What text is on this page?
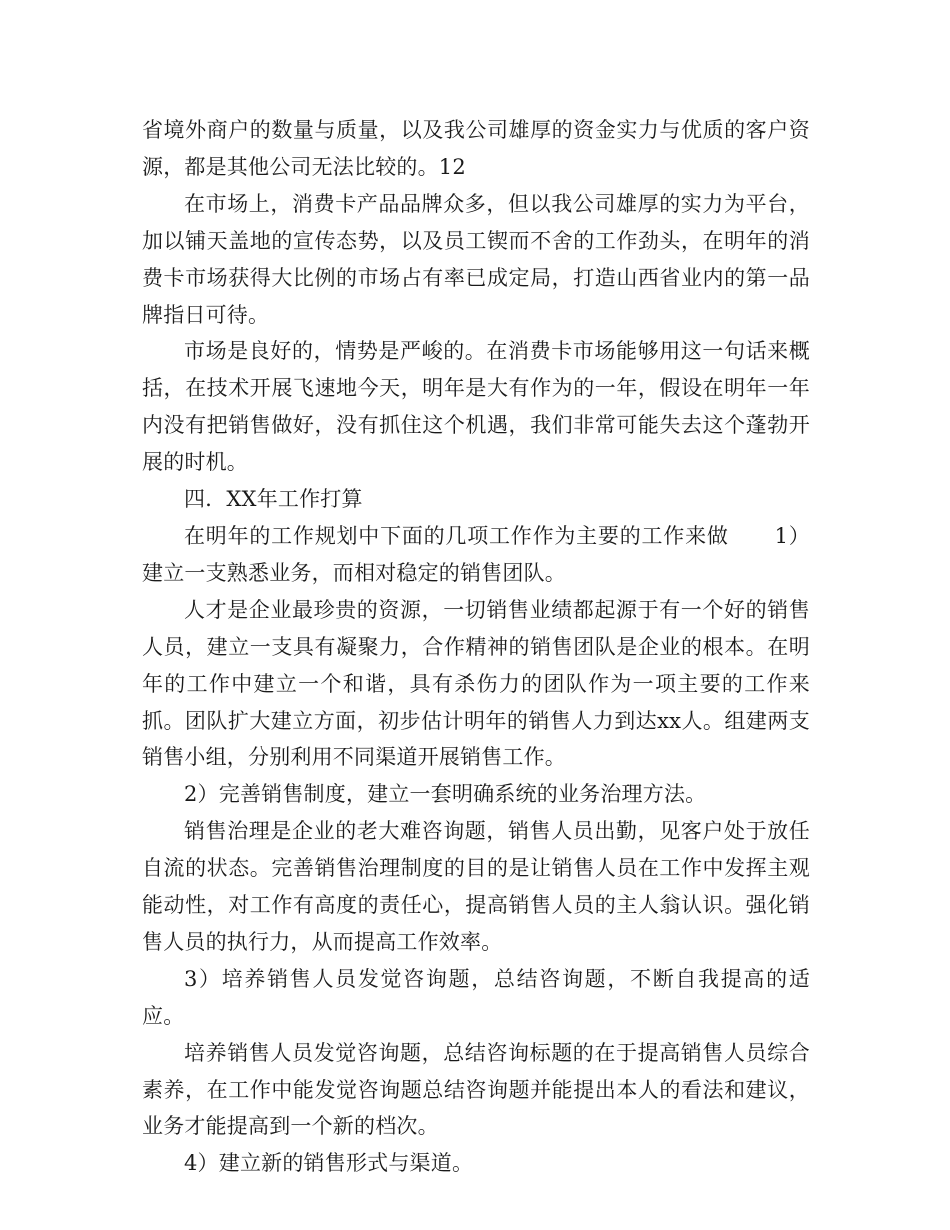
省境外商户的数量与质量，以及我公司雄厚的资金实力与优质的客户资源，都是其他公司无法比较的。12

在市场上，消费卡产品品牌众多，但以我公司雄厚的实力为平台，加以铺天盖地的宣传态势，以及员工锲而不舍的工作劲头，在明年的消费卡市场获得大比例的市场占有率已成定局，打造山西省业内的第一品牌指日可待。

市场是良好的，情势是严峻的。在消费卡市场能够用这一句话来概括，在技术开展飞速地今天，明年是大有作为的一年，假设在明年一年内没有把销售做好，没有抓住这个机遇，我们非常可能失去这个蓬勃开展的时机。

四．XX年工作打算

在明年的工作规划中下面的几项工作作为主要的工作来做 1）建立一支熟悉业务，而相对稳定的销售团队。

人才是企业最珍贵的资源，一切销售业绩都起源于有一个好的销售人员，建立一支具有凝聚力，合作精神的销售团队是企业的根本。在明年的工作中建立一个和谐，具有杀伤力的团队作为一项主要的工作来抓。团队扩大建立方面，初步估计明年的销售人力到达xx人。组建两支销售小组，分别利用不同渠道开展销售工作。

2）完善销售制度，建立一套明确系统的业务治理方法。

销售治理是企业的老大难咨询题，销售人员出勤，见客户处于放任自流的状态。完善销售治理制度的目的是让销售人员在工作中发挥主观能动性，对工作有高度的责任心，提高销售人员的主人翁认识。强化销售人员的执行力，从而提高工作效率。

3）培养销售人员发觉咨询题，总结咨询题，不断自我提高的适应。

培养销售人员发觉咨询题，总结咨询标题的在于提高销售人员综合素养，在工作中能发觉咨询题总结咨询题并能提出本人的看法和建议，业务才能提高到一个新的档次。

4）建立新的销售形式与渠道。
